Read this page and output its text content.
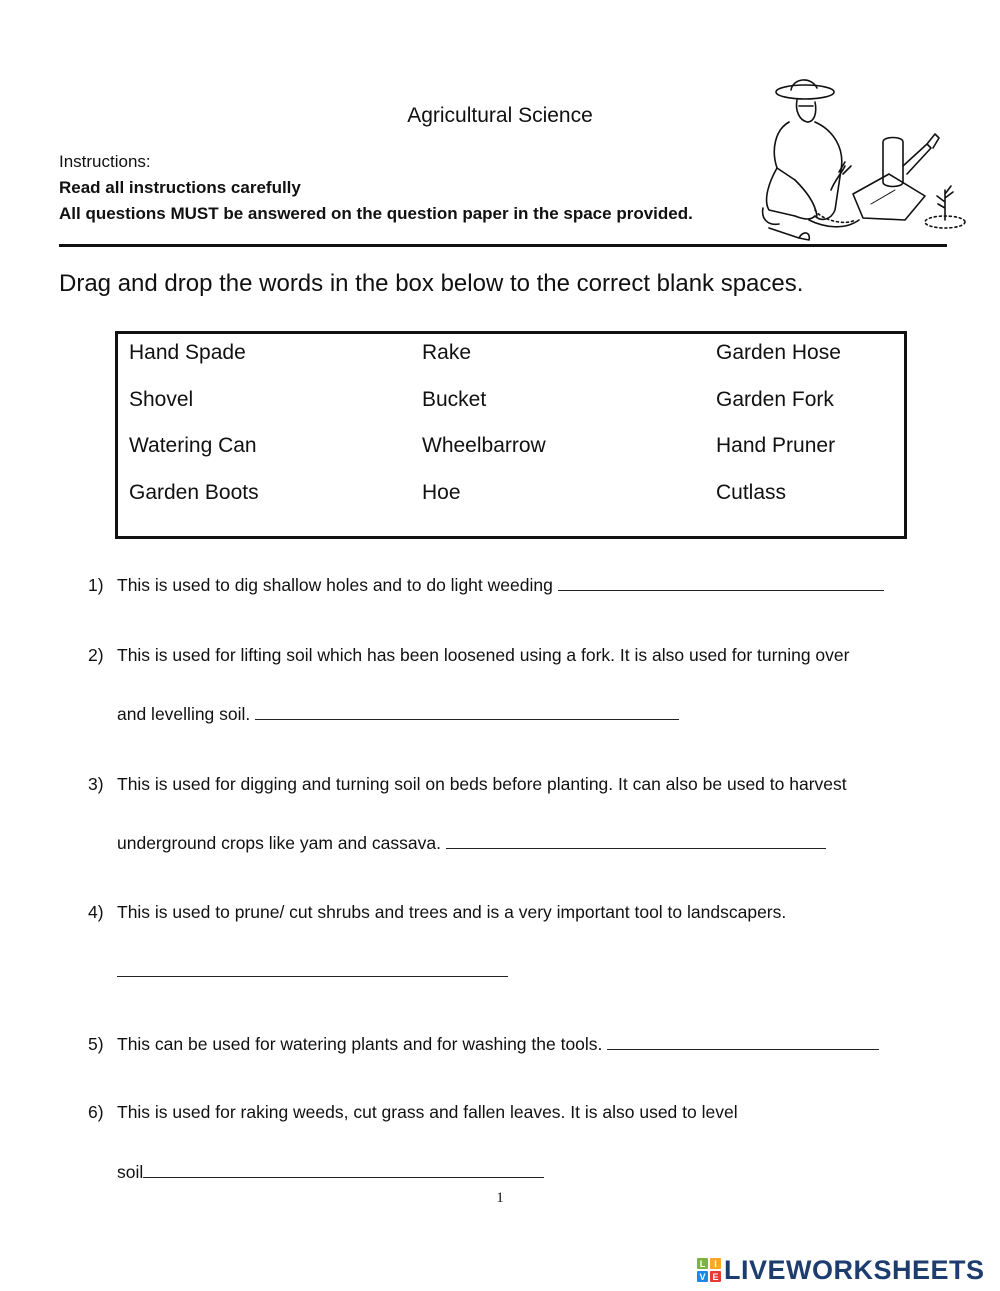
Agricultural Science
Instructions:
Read all instructions carefully
All questions MUST be answered on the question paper in the space provided.
Drag and drop the words in the box below to the correct blank spaces.
Hand Spade	Rake	Garden Hose
Shovel	Bucket	Garden Fork
Watering Can	Wheelbarrow	Hand Pruner
Garden Boots	Hoe	Cutlass
1) This is used to dig shallow holes and to do light weeding
2) This is used for lifting soil which has been loosened using a fork. It is also used for turning over
and levelling soil.
3) This is used for digging and turning soil on beds before planting. It can also be used to harvest
underground crops like yam and cassava.
4) This is used to prune/ cut shrubs and trees and is a very important tool to landscapers.
5) This can be used for watering plants and for washing the tools.
6) This is used for raking weeds, cut grass and fallen leaves. It is also used to level
soil
1
L I
V E LIVEWORKSHEETS
